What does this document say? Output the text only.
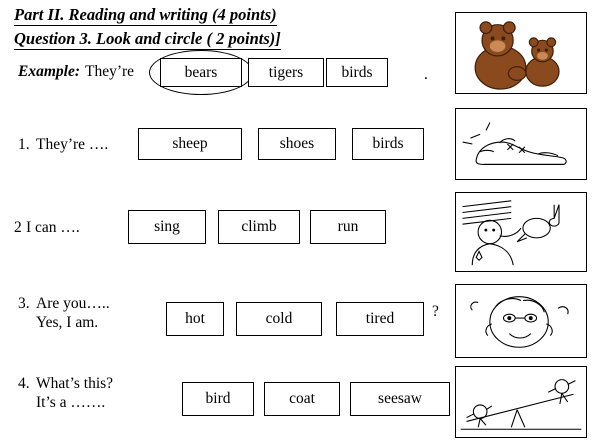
Part II. Reading and writing (4 points)
Question 3. Look and circle ( 2 points)]
Example: They’re	bears	tigers	birds	.
1. They’re ….	sheep	shoes	birds
2 I can ….	sing	climb	run
3. Are you…..
Yes, I am.	hot	cold	tired	?
4. What’s this?
It’s a …….	bird	coat	seesaw
